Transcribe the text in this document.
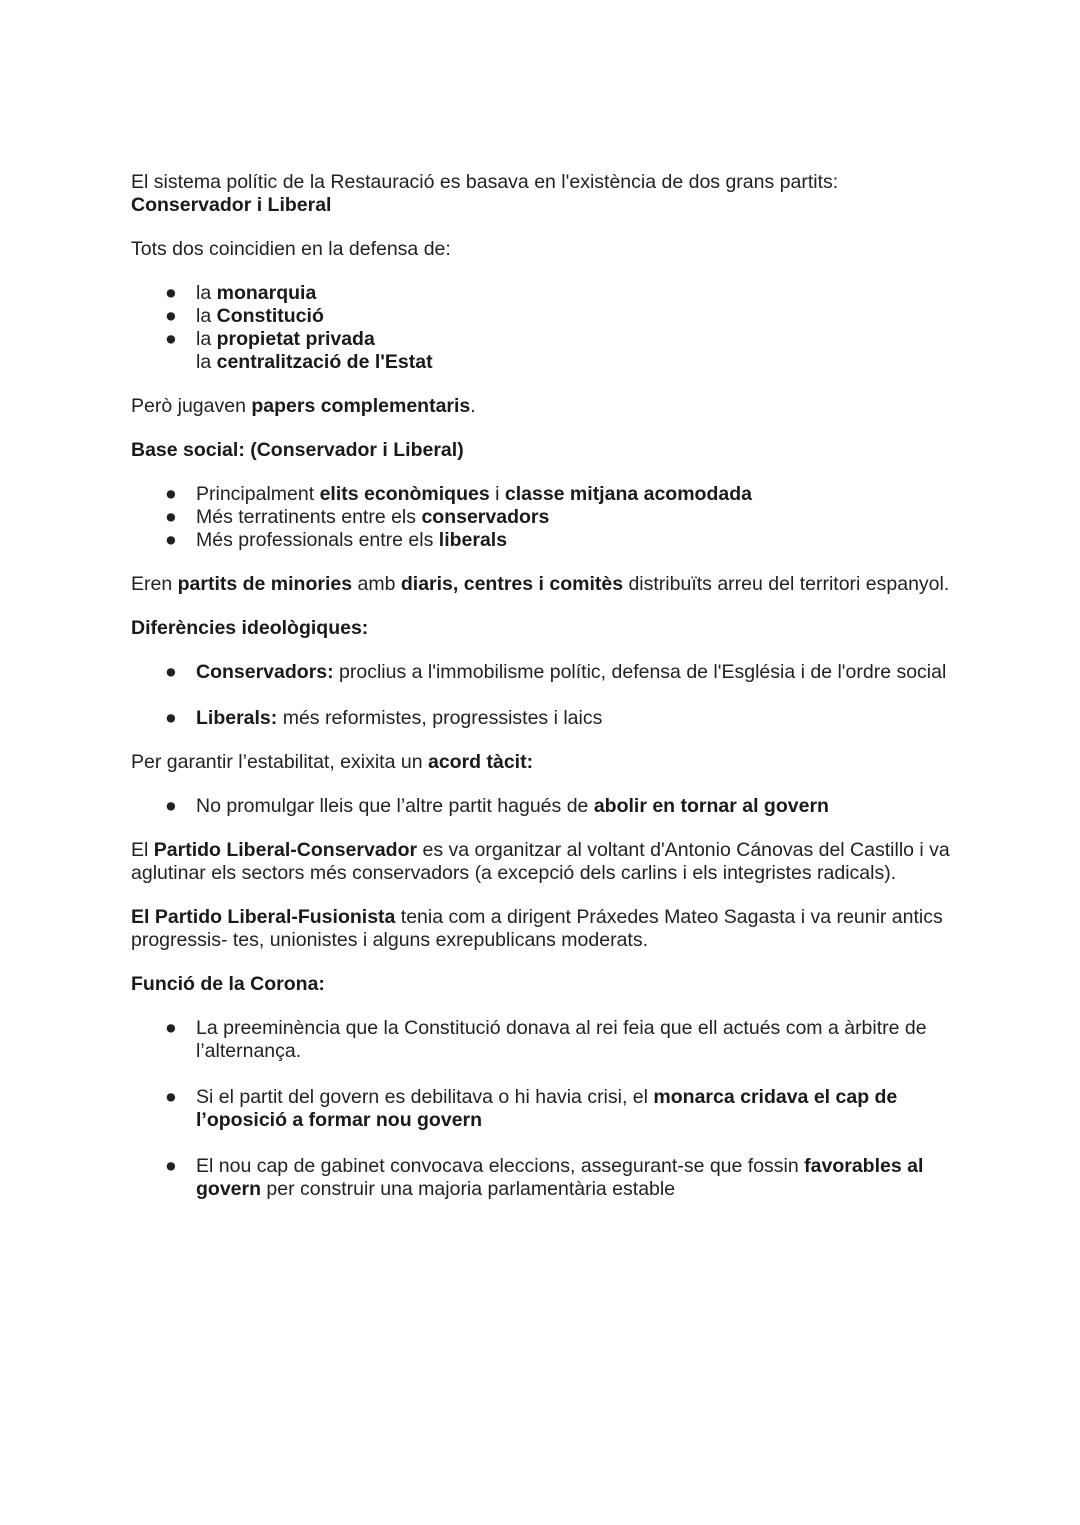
El sistema polític de la Restauració es basava en l'existència de dos grans partits:
Conservador i Liberal

Tots dos coincidien en la defensa de:

● la monarquia
● la Constitució
● la propietat privada
la centralització de l'Estat

Però jugaven papers complementaris.

Base social: (Conservador i Liberal)

● Principalment elits econòmiques i classe mitjana acomodada
● Més terratinents entre els conservadors
● Més professionals entre els liberals

Eren partits de minories amb diaris, centres i comitès distribuïts arreu del territori espanyol.

Diferències ideològiques:

● Conservadors: proclius a l'immobilisme polític, defensa de l'Església i de l'ordre social
● Liberals: més reformistes, progressistes i laics

Per garantir l’estabilitat, exixita un acord tàcit:

● No promulgar lleis que l’altre partit hagués de abolir en tornar al govern

El Partido Liberal-Conservador es va organitzar al voltant d'Antonio Cánovas del Castillo i va aglutinar els sectors més conservadors (a excepció dels carlins i els integristes radicals).

El Partido Liberal-Fusionista tenia com a dirigent Práxedes Mateo Sagasta i va reunir antics progressis- tes, unionistes i alguns exrepublicans moderats.

Funció de la Corona:

● La preeminència que la Constitució donava al rei feia que ell actués com a àrbitre de l’alternança.
● Si el partit del govern es debilitava o hi havia crisi, el monarca cridava el cap de l’oposició a formar nou govern
● El nou cap de gabinet convocava eleccions, assegurant-se que fossin favorables al govern per construir una majoria parlamentària estable
